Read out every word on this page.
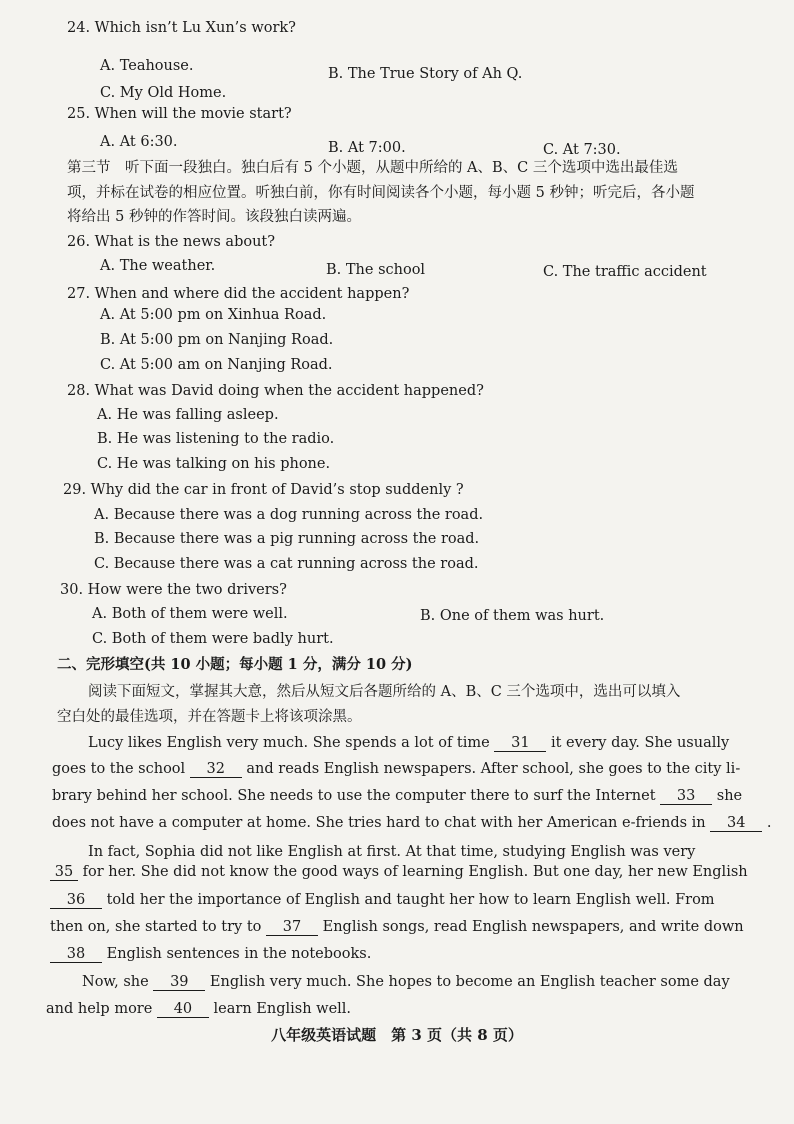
24. Which isn’t Lu Xun’s work?
A. Teahouse.	B. The True Story of Ah Q.
C. My Old Home.
25. When will the movie start?
A. At 6:30.	B. At 7:00.	C. At 7:30.
第三节　听下面一段独白。独白后有 5 个小题，从题中所给的 A、B、C 三个选项中选出最佳选
项，并标在试卷的相应位置。听独白前，你有时间阅读各个小题，每小题 5 秒钟；听完后，各小题
将给出 5 秒钟的作答时间。该段独白读两遍。
26. What is the news about?
A. The weather.	B. The school	C. The traffic accident
27. When and where did the accident happen?
A. At 5:00 pm on Xinhua Road.
B. At 5:00 pm on Nanjing Road.
C. At 5:00 am on Nanjing Road.
28. What was David doing when the accident happened?
A. He was falling asleep.
B. He was listening to the radio.
C. He was talking on his phone.
29. Why did the car in front of David’s stop suddenly ?
A. Because there was a dog running across the road.
B. Because there was a pig running across the road.
C. Because there was a cat running across the road.
30. How were the two drivers?
A. Both of them were well.	B. One of them was hurt.
C. Both of them were badly hurt.
二、完形填空(共 10 小题；每小题 1 分，满分 10 分)
阅读下面短文，掌握其大意，然后从短文后各题所给的 A、B、C 三个选项中，选出可以填入
空白处的最佳选项，并在答题卡上将该项涂黑。
Lucy likes English very much. She spends a lot of time 31 it every day. She usually
goes to the school 32 and reads English newspapers. After school, she goes to the city li-
brary behind her school. She needs to use the computer there to surf the Internet 33 she
does not have a computer at home. She tries hard to chat with her American e-friends in 34 .
In fact, Sophia did not like English at first. At that time, studying English was very
35 for her. She did not know the good ways of learning English. But one day, her new English
36 told her the importance of English and taught her how to learn English well. From
then on, she started to try to 37 English songs, read English newspapers, and write down
38 English sentences in the notebooks.
Now, she 39 English very much. She hopes to become an English teacher some day
and help more 40 learn English well.
八年级英语试题　第 3 页（共 8 页）
